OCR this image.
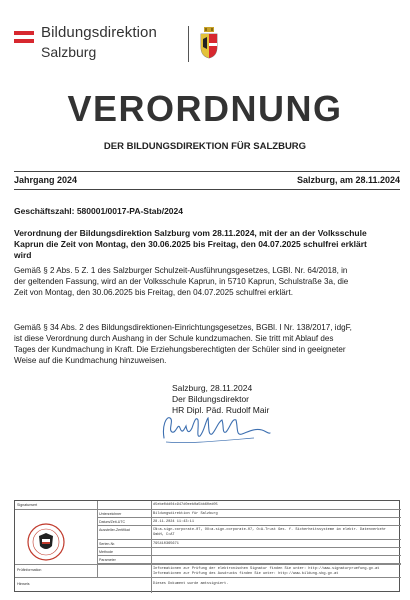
Bildungsdirektion
Salzburg
VERORDNUNG
DER BILDUNGSDIREKTION FÜR SALZBURG
Jahrgang 2024	Salzburg, am 28.11.2024
Geschäftszahl: 580001/0017-PA-Stab/2024
Verordnung der Bildungsdirektion Salzburg vom 28.11.2024, mit der an der Volksschule
Kaprun die Zeit von Montag, den 30.06.2025 bis Freitag, den 04.07.2025 schulfrei erklärt
wird
Gemäß § 2 Abs. 5 Z. 1 des Salzburger Schulzeit-Ausführungsgesetzes, LGBl. Nr. 64/2018, in
der geltenden Fassung, wird an der Volksschule Kaprun, in 5710 Kaprun, Schulstraße 3a, die
Zeit von Montag, den 30.06.2025 bis Freitag, den 04.07.2025 schulfrei erklärt.
Gemäß § 34 Abs. 2 des Bildungsdirektionen-Einrichtungsgesetzes, BGBl. I Nr. 138/2017, idgF,
ist diese Verordnung durch Aushang in der Schule kundzumachen. Sie tritt mit Ablauf des
Tages der Kundmachung in Kraft. Die Erziehungsberechtigten der Schüler sind in geeigneter
Weise auf die Kundmachung hinzuweisen.
Salzburg, 28.11.2024
Der Bildungsdirektor
HR Dipl. Päd. Rudolf Mair
Signaturwert	d5ebe0dd04c947d0eeb0a5bb60ed05
Unterzeichner	Bildungsdirektion für Salzburg
Datum/Zeit-UTC	28.11.2024 11:43:11
Aussteller-Zertifikat	CN=a-sign-corporate-07, OU=a-sign-corporate-07, O=A-Trust Ges. f. Sicherheitssysteme im elektr. Datenverkehr GmbH, C=AT
Serien-Nr.	795410365671
Methode
Parameter
Prüfinformation	Informationen zur Prüfung der elektronischen Signatur finden Sie unter: http://www.signaturpruefung.gv.at Informationen zur Prüfung des Ausdrucks finden Sie unter: http://www.bildung-sbg.gv.at
Hinweis	Dieses Dokument wurde amtssigniert.
